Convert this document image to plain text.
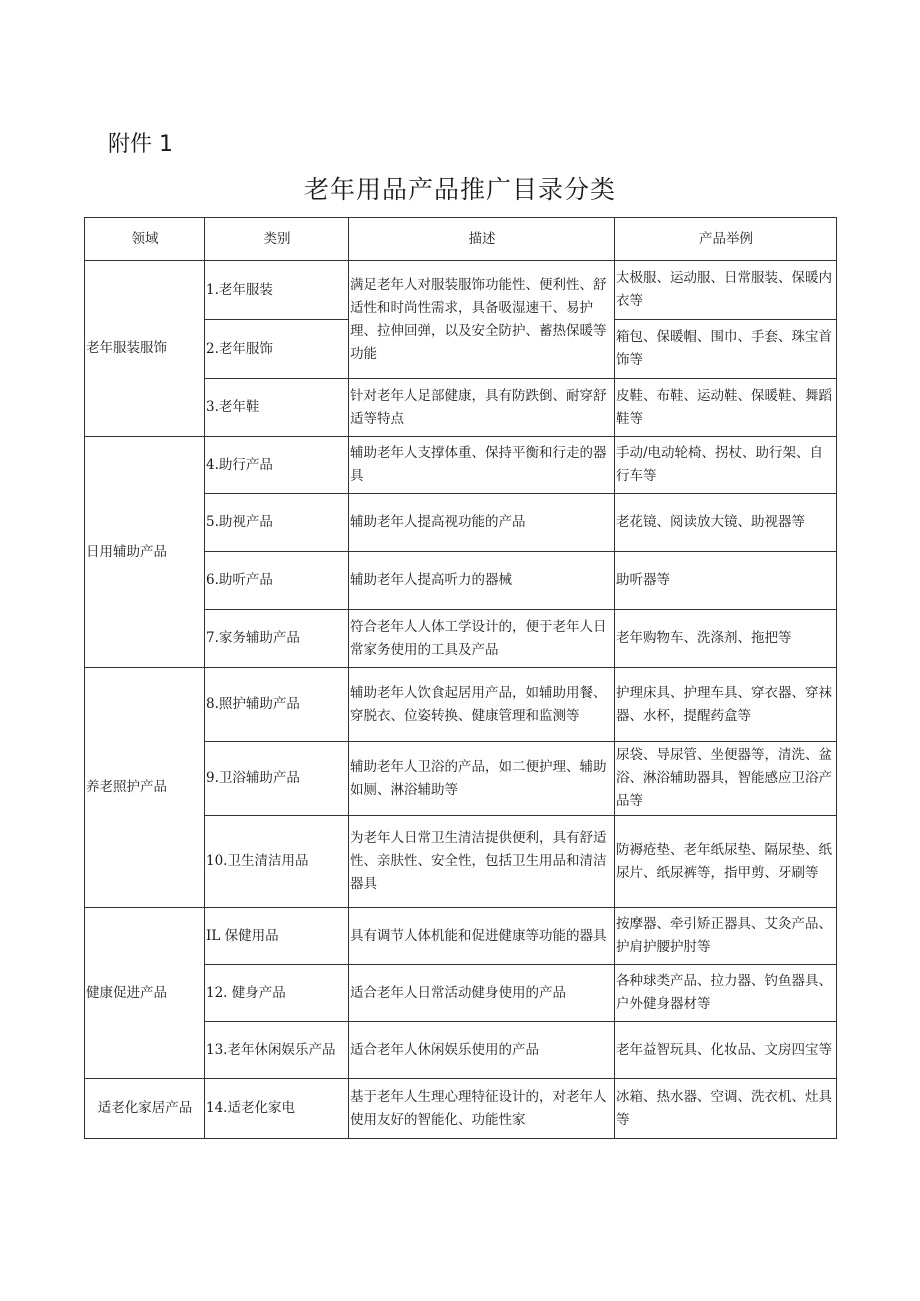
附件 1
老年用品产品推广目录分类
领域	类别	描述	产品举例
老年服装服饰	1.老年服装	满足老年人对服装服饰功能性、便利性、舒适性和时尚性需求，具备吸湿速干、易护理、拉伸回弹，以及安全防护、蓄热保暖等功能	太极服、运动服、日常服装、保暖内衣等
	2.老年服饰		箱包、保暖帽、围巾、手套、珠宝首饰等
	3.老年鞋	针对老年人足部健康，具有防跌倒、耐穿舒适等特点	皮鞋、布鞋、运动鞋、保暖鞋、舞蹈鞋等
日用辅助产品	4.助行产品	辅助老年人支撑体重、保持平衡和行走的器具	手动/电动轮椅、拐杖、助行架、自行车等
	5.助视产品	辅助老年人提高视功能的产品	老花镜、阅读放大镜、助视器等
	6.助听产品	辅助老年人提高听力的器械	助听器等
	7.家务辅助产品	符合老年人人体工学设计的，便于老年人日常家务使用的工具及产品	老年购物车、洗涤剂、拖把等
养老照护产品	8.照护辅助产品	辅助老年人饮食起居用产品，如辅助用餐、穿脱衣、位姿转换、健康管理和监测等	护理床具、护理车具、穿衣器、穿袜器、水杯，提醒药盒等
	9.卫浴辅助产品	辅助老年人卫浴的产品，如二便护理、辅助如厕、淋浴辅助等	尿袋、导尿管、坐便器等，清洗、盆浴、淋浴辅助器具，智能感应卫浴产品等
	10.卫生清洁用品	为老年人日常卫生清洁提供便利，具有舒适性、亲肤性、安全性，包括卫生用品和清洁器具	防褥疮垫、老年纸尿垫、隔尿垫、纸尿片、纸尿裤等，指甲剪、牙刷等
健康促进产品	IL 保健用品	具有调节人体机能和促进健康等功能的器具	按摩器、牵引矫正器具、艾灸产品、护肩护腰护肘等
	12. 健身产品	适合老年人日常活动健身使用的产品	各种球类产品、拉力器、钓鱼器具、户外健身器材等
	13.老年休闲娱乐产品	适合老年人休闲娱乐使用的产品	老年益智玩具、化妆品、文房四宝等
适老化家居产品	14.适老化家电	基于老年人生理心理特征设计的，对老年人使用友好的智能化、功能性家	冰箱、热水器、空调、洗衣机、灶具等
